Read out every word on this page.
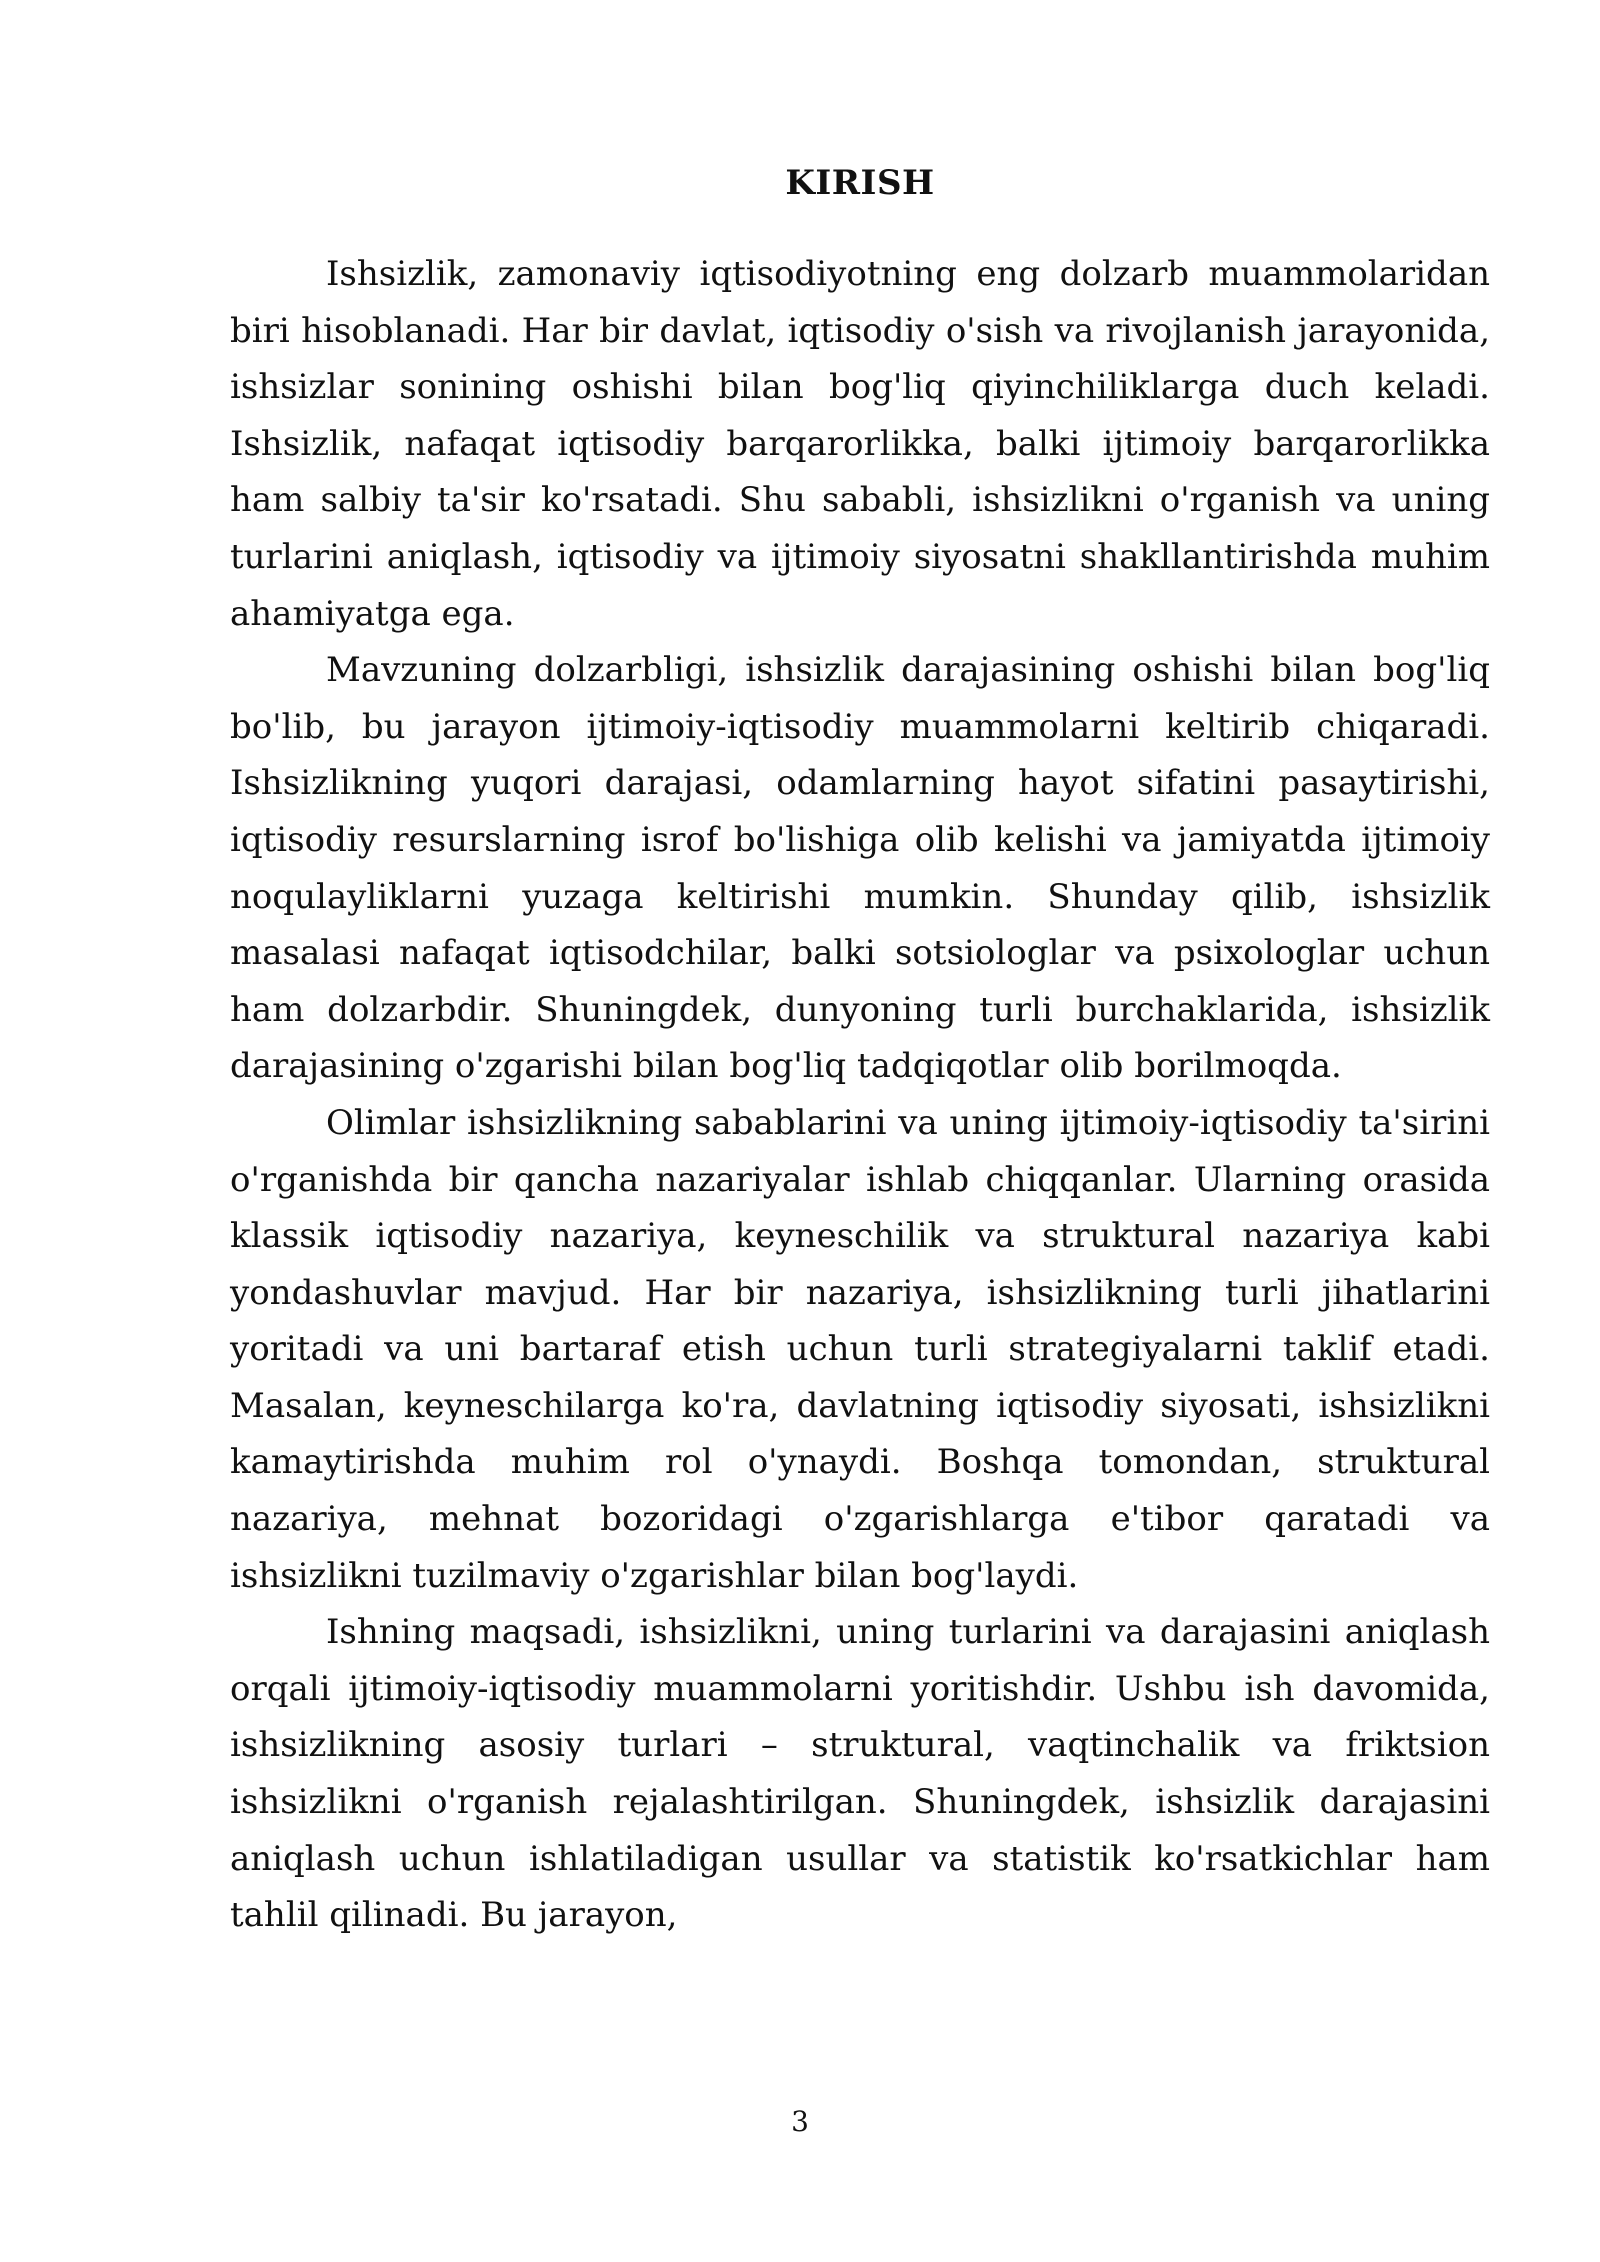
KIRISH

Ishsizlik, zamonaviy iqtisodiyotning eng dolzarb muammolaridan biri hisoblanadi. Har bir davlat, iqtisodiy o'sish va rivojlanish jarayonida, ishsizlar sonining oshishi bilan bog'liq qiyinchiliklarga duch keladi. Ishsizlik, nafaqat iqtisodiy barqarorlikka, balki ijtimoiy barqarorlikka ham salbiy ta'sir ko'rsatadi. Shu sababli, ishsizlikni o'rganish va uning turlarini aniqlash, iqtisodiy va ijtimoiy siyosatni shakllantirishda muhim ahamiyatga ega.

Mavzuning dolzarbligi, ishsizlik darajasining oshishi bilan bog'liq bo'lib, bu jarayon ijtimoiy-iqtisodiy muammolarni keltirib chiqaradi. Ishsizlikning yuqori darajasi, odamlarning hayot sifatini pasaytirishi, iqtisodiy resurslarning isrof bo'lishiga olib kelishi va jamiyatda ijtimoiy noqulayliklarni yuzaga keltirishi mumkin. Shunday qilib, ishsizlik masalasi nafaqat iqtisodchilar, balki sotsiologlar va psixologlar uchun ham dolzarbdir. Shuningdek, dunyoning turli burchaklarida, ishsizlik darajasining o'zgarishi bilan bog'liq tadqiqotlar olib borilmoqda.

Olimlar ishsizlikning sabablarini va uning ijtimoiy-iqtisodiy ta'sirini o'rganishda bir qancha nazariyalar ishlab chiqqanlar. Ularning orasida klassik iqtisodiy nazariya, keyneschilik va struktural nazariya kabi yondashuvlar mavjud. Har bir nazariya, ishsizlikning turli jihatlarini yoritadi va uni bartaraf etish uchun turli strategiyalarni taklif etadi. Masalan, keyneschilarga ko'ra, davlatning iqtisodiy siyosati, ishsizlikni kamaytirishda muhim rol o'ynaydi. Boshqa tomondan, struktural nazariya, mehnat bozoridagi o'zgarishlarga e'tibor qaratadi va ishsizlikni tuzilmaviy o'zgarishlar bilan bog'laydi.

Ishning maqsadi, ishsizlikni, uning turlarini va darajasini aniqlash orqali ijtimoiy-iqtisodiy muammolarni yoritishdir. Ushbu ish davomida, ishsizlikning asosiy turlari – struktural, vaqtinchalik va friktsion ishsizlikni o'rganish rejalashtirilgan. Shuningdek, ishsizlik darajasini aniqlash uchun ishlatiladigan usullar va statistik ko'rsatkichlar ham tahlil qilinadi. Bu jarayon,

3
